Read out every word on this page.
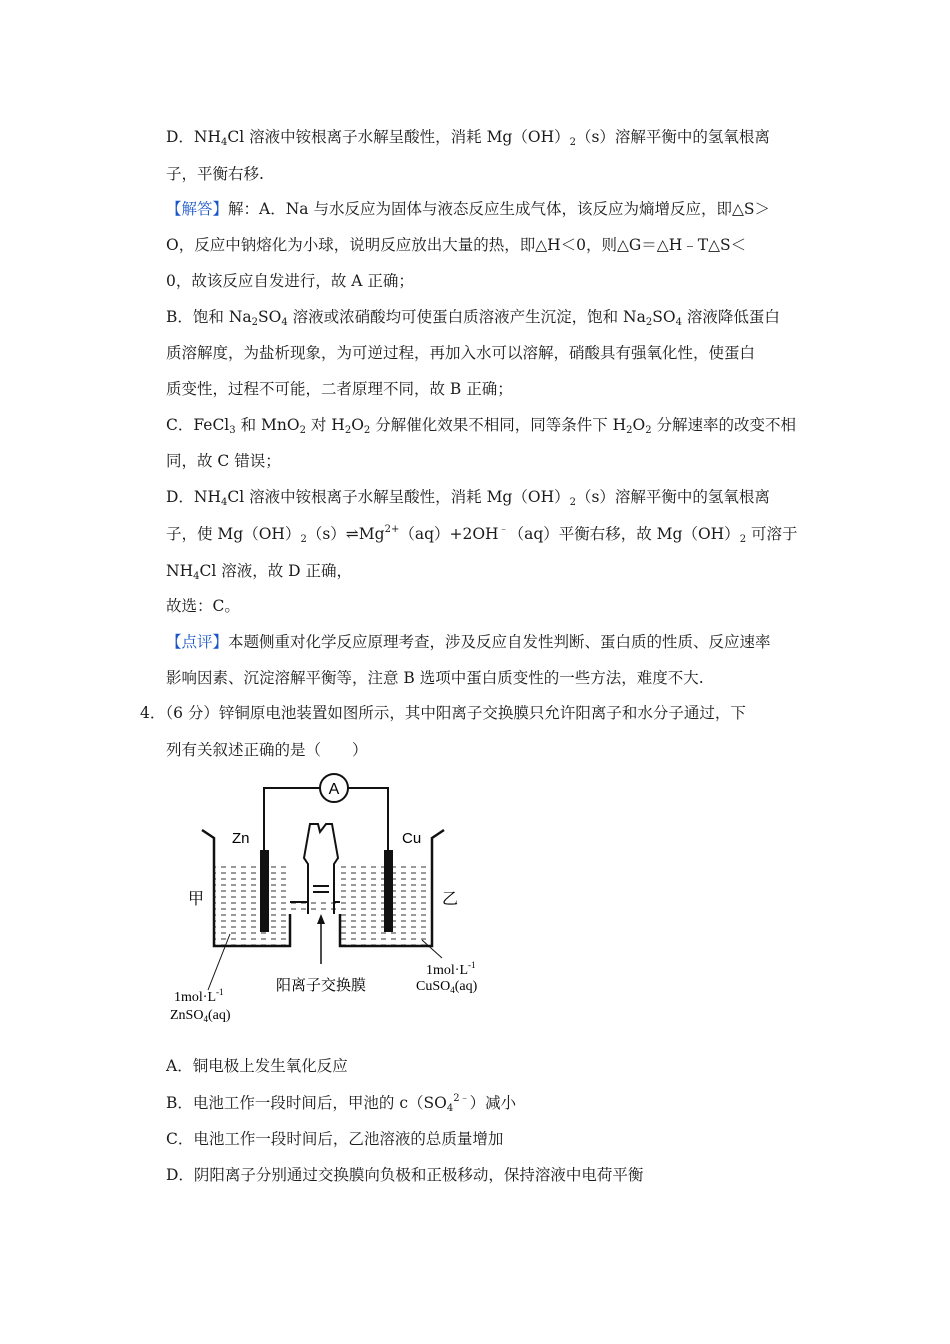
D．$NH_4Cl$ 溶液中铵根离子水解呈酸性，消耗 $Mg(OH)_2(s)$溶解平衡中的氢氧根离
子，平衡右移.
【解答】解：A．Na 与水反应为固体与液态反应生成气体，该反应为熵增反应，即△S＞
O，反应中钠熔化为小球，说明反应放出大量的热，即△H＜0，则△G＝△H﹣T△S＜
0，故该反应自发进行，故 A 正确；
B．饱和 $Na_2SO_4$ 溶液或浓硝酸均可使蛋白质溶液产生沉淀，饱和 $Na_2SO_4$ 溶液降低蛋白
质溶解度，为盐析现象，为可逆过程，再加入水可以溶解，硝酸具有强氧化性，使蛋白
质变性，过程不可能，二者原理不同，故 B 正确；
C．FeCl$_3$ 和 MnO$_2$ 对 $H_2O_2$ 分解催化效果不相同，同等条件下 $H_2O_2$ 分解速率的改变不相
同，故 C 错误；
D．$NH_4Cl$ 溶液中铵根离子水解呈酸性，消耗 $Mg(OH)_2(s)$溶解平衡中的氢氧根离
子，使 $Mg(OH)_2(s)\rightleftharpoons Mg^{2+}(aq)+2OH^﹣(aq)$平衡右移，故 $Mg(OH)_2$ 可溶于
$NH_4Cl$ 溶液，故 D 正确，
故选：C。
【点评】本题侧重对化学反应原理考查，涉及反应自发性判断、蛋白质的性质、反应速率
影响因素、沉淀溶解平衡等，注意 B 选项中蛋白质变性的一些方法，难度不大.
4．（6 分）锌铜原电池装置如图所示，其中阳离子交换膜只允许阳离子和水分子通过，下
列有关叙述正确的是（　　）
A
Zn	Cu
甲	乙
阳离子交换膜
$1mol\cdot L^{-1}$
ZnSO$_4$(aq)
$1mol\cdot L^{-1}$
CuSO$_4$(aq)
A．铜电极上发生氧化反应
B．电池工作一段时间后，甲池的 $c(SO_4^{2﹣})$减小
C．电池工作一段时间后，乙池溶液的总质量增加
D．阴阳离子分别通过交换膜向负极和正极移动，保持溶液中电荷平衡
